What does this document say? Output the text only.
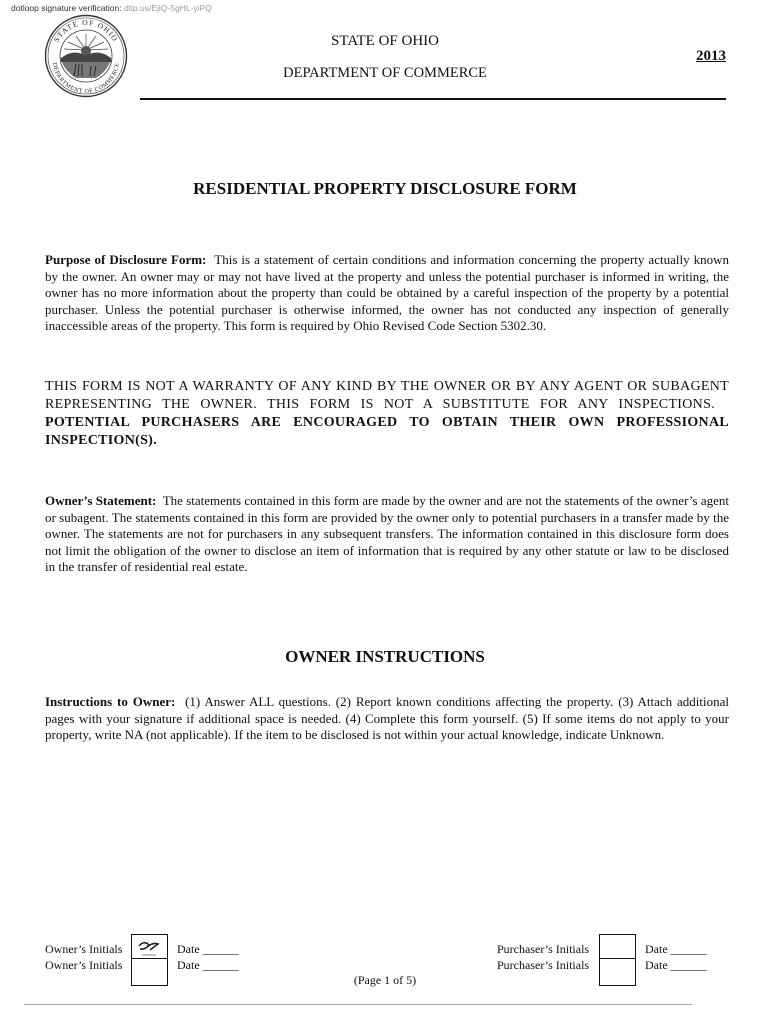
dotloop signature verification: dtlp.us/EjiQ-5gHL-yiPQ
STATE OF OHIO
DEPARTMENT OF COMMERCE
STATE OF OHIO
DEPARTMENT OF COMMERCE
2013
RESIDENTIAL PROPERTY DISCLOSURE FORM
Purpose of Disclosure Form: This is a statement of certain conditions and information concerning the property actually known by the owner. An owner may or may not have lived at the property and unless the potential purchaser is informed in writing, the owner has no more information about the property than could be obtained by a careful inspection of the property by a potential purchaser. Unless the potential purchaser is otherwise informed, the owner has not conducted any inspection of generally inaccessible areas of the property. This form is required by Ohio Revised Code Section 5302.30.
THIS FORM IS NOT A WARRANTY OF ANY KIND BY THE OWNER OR BY ANY AGENT OR SUBAGENT REPRESENTING THE OWNER. THIS FORM IS NOT A SUBSTITUTE FOR ANY INSPECTIONS.   POTENTIAL PURCHASERS ARE ENCOURAGED TO OBTAIN THEIR OWN PROFESSIONAL INSPECTION(S).
Owner’s Statement: The statements contained in this form are made by the owner and are not the statements of the owner’s agent or subagent. The statements contained in this form are provided by the owner only to potential purchasers in a transfer made by the owner. The statements are not for purchasers in any subsequent transfers. The information contained in this disclosure form does not limit the obligation of the owner to disclose an item of information that is required by any other statute or law to be disclosed in the transfer of residential real estate.
OWNER INSTRUCTIONS
Instructions to Owner: (1) Answer ALL questions. (2) Report known conditions affecting the property. (3) Attach additional pages with your signature if additional space is needed. (4) Complete this form yourself. (5) If some items do not apply to your property, write NA (not applicable). If the item to be disclosed is not within your actual knowledge, indicate Unknown.
Owner’s Initials
Owner’s Initials
Date ______
Date ______
Purchaser’s Initials
Purchaser’s Initials
Date ______
Date ______
(Page 1 of 5)
